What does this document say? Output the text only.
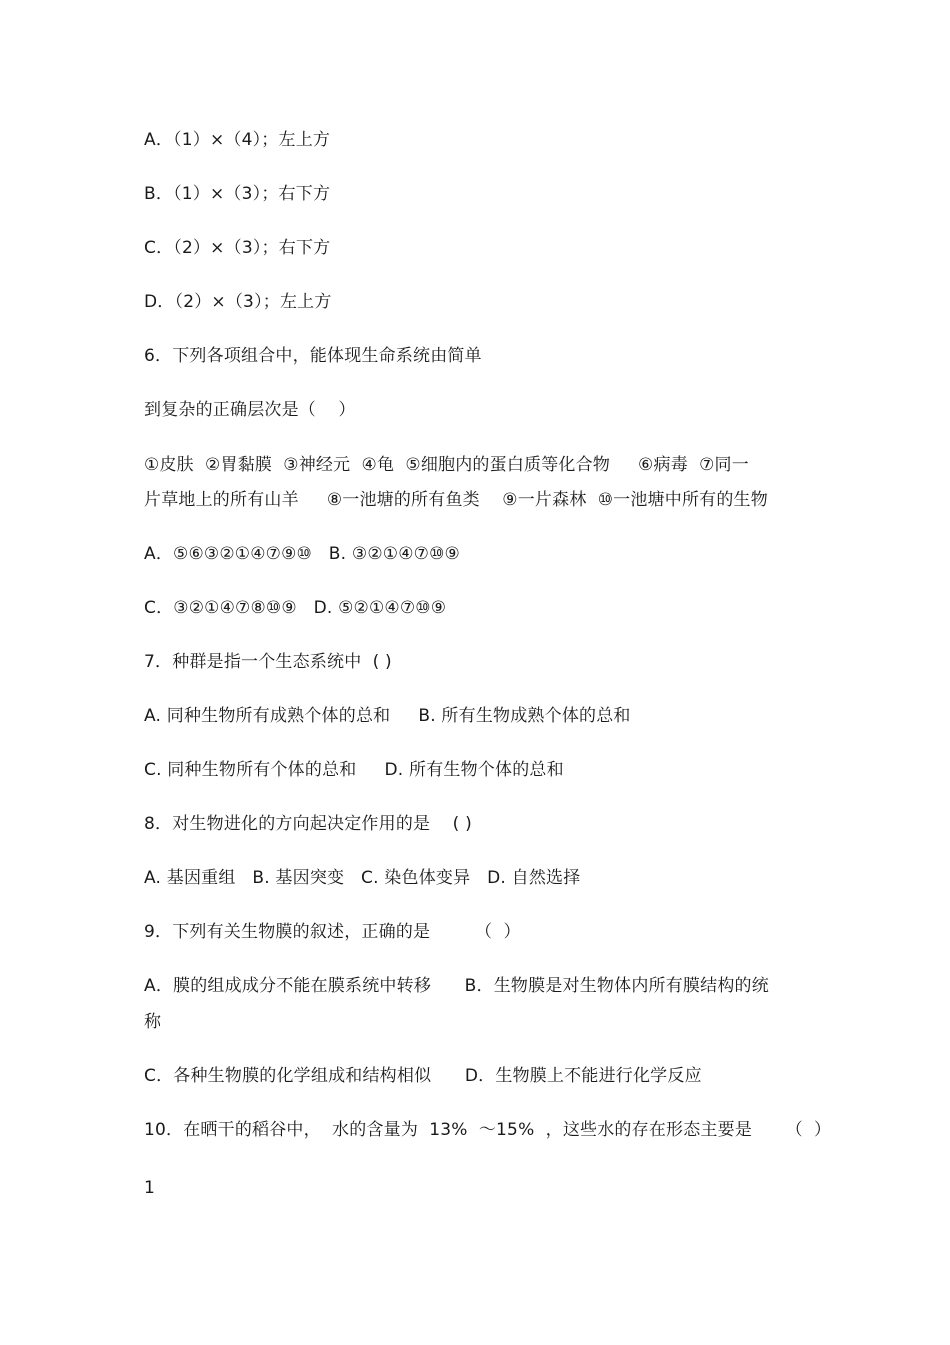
A．（1）×（4）；左上方
B．（1）×（3）；右下方
C．（2）×（3）；右下方
D．（2）×（3）；左上方
6．下列各项组合中，能体现生命系统由简单
到复杂的正确层次是（    ）
①皮肤  ②胃黏膜  ③神经元  ④龟  ⑤细胞内的蛋白质等化合物     ⑥病毒  ⑦同一
片草地上的所有山羊     ⑧一池塘的所有鱼类    ⑨一片森林  ⑩一池塘中所有的生物
A．⑤⑥③②①④⑦⑨⑩   B. ③②①④⑦⑩⑨
C．③②①④⑦⑧⑩⑨   D. ⑤②①④⑦⑩⑨
7．种群是指一个生态系统中  ( )
A. 同种生物所有成熟个体的总和     B. 所有生物成熟个体的总和
C. 同种生物所有个体的总和     D. 所有生物个体的总和
8．对生物进化的方向起决定作用的是    ( )
A. 基因重组   B. 基因突变   C. 染色体变异   D. 自然选择
9．下列有关生物膜的叙述，正确的是        （  ）
A．膜的组成成分不能在膜系统中转移      B．生物膜是对生物体内所有膜结构的统
称
C．各种生物膜的化学组成和结构相似      D．生物膜上不能进行化学反应
10．在晒干的稻谷中，  水的含量为  13%  ～15%  ，这些水的存在形态主要是      （  ）
1
